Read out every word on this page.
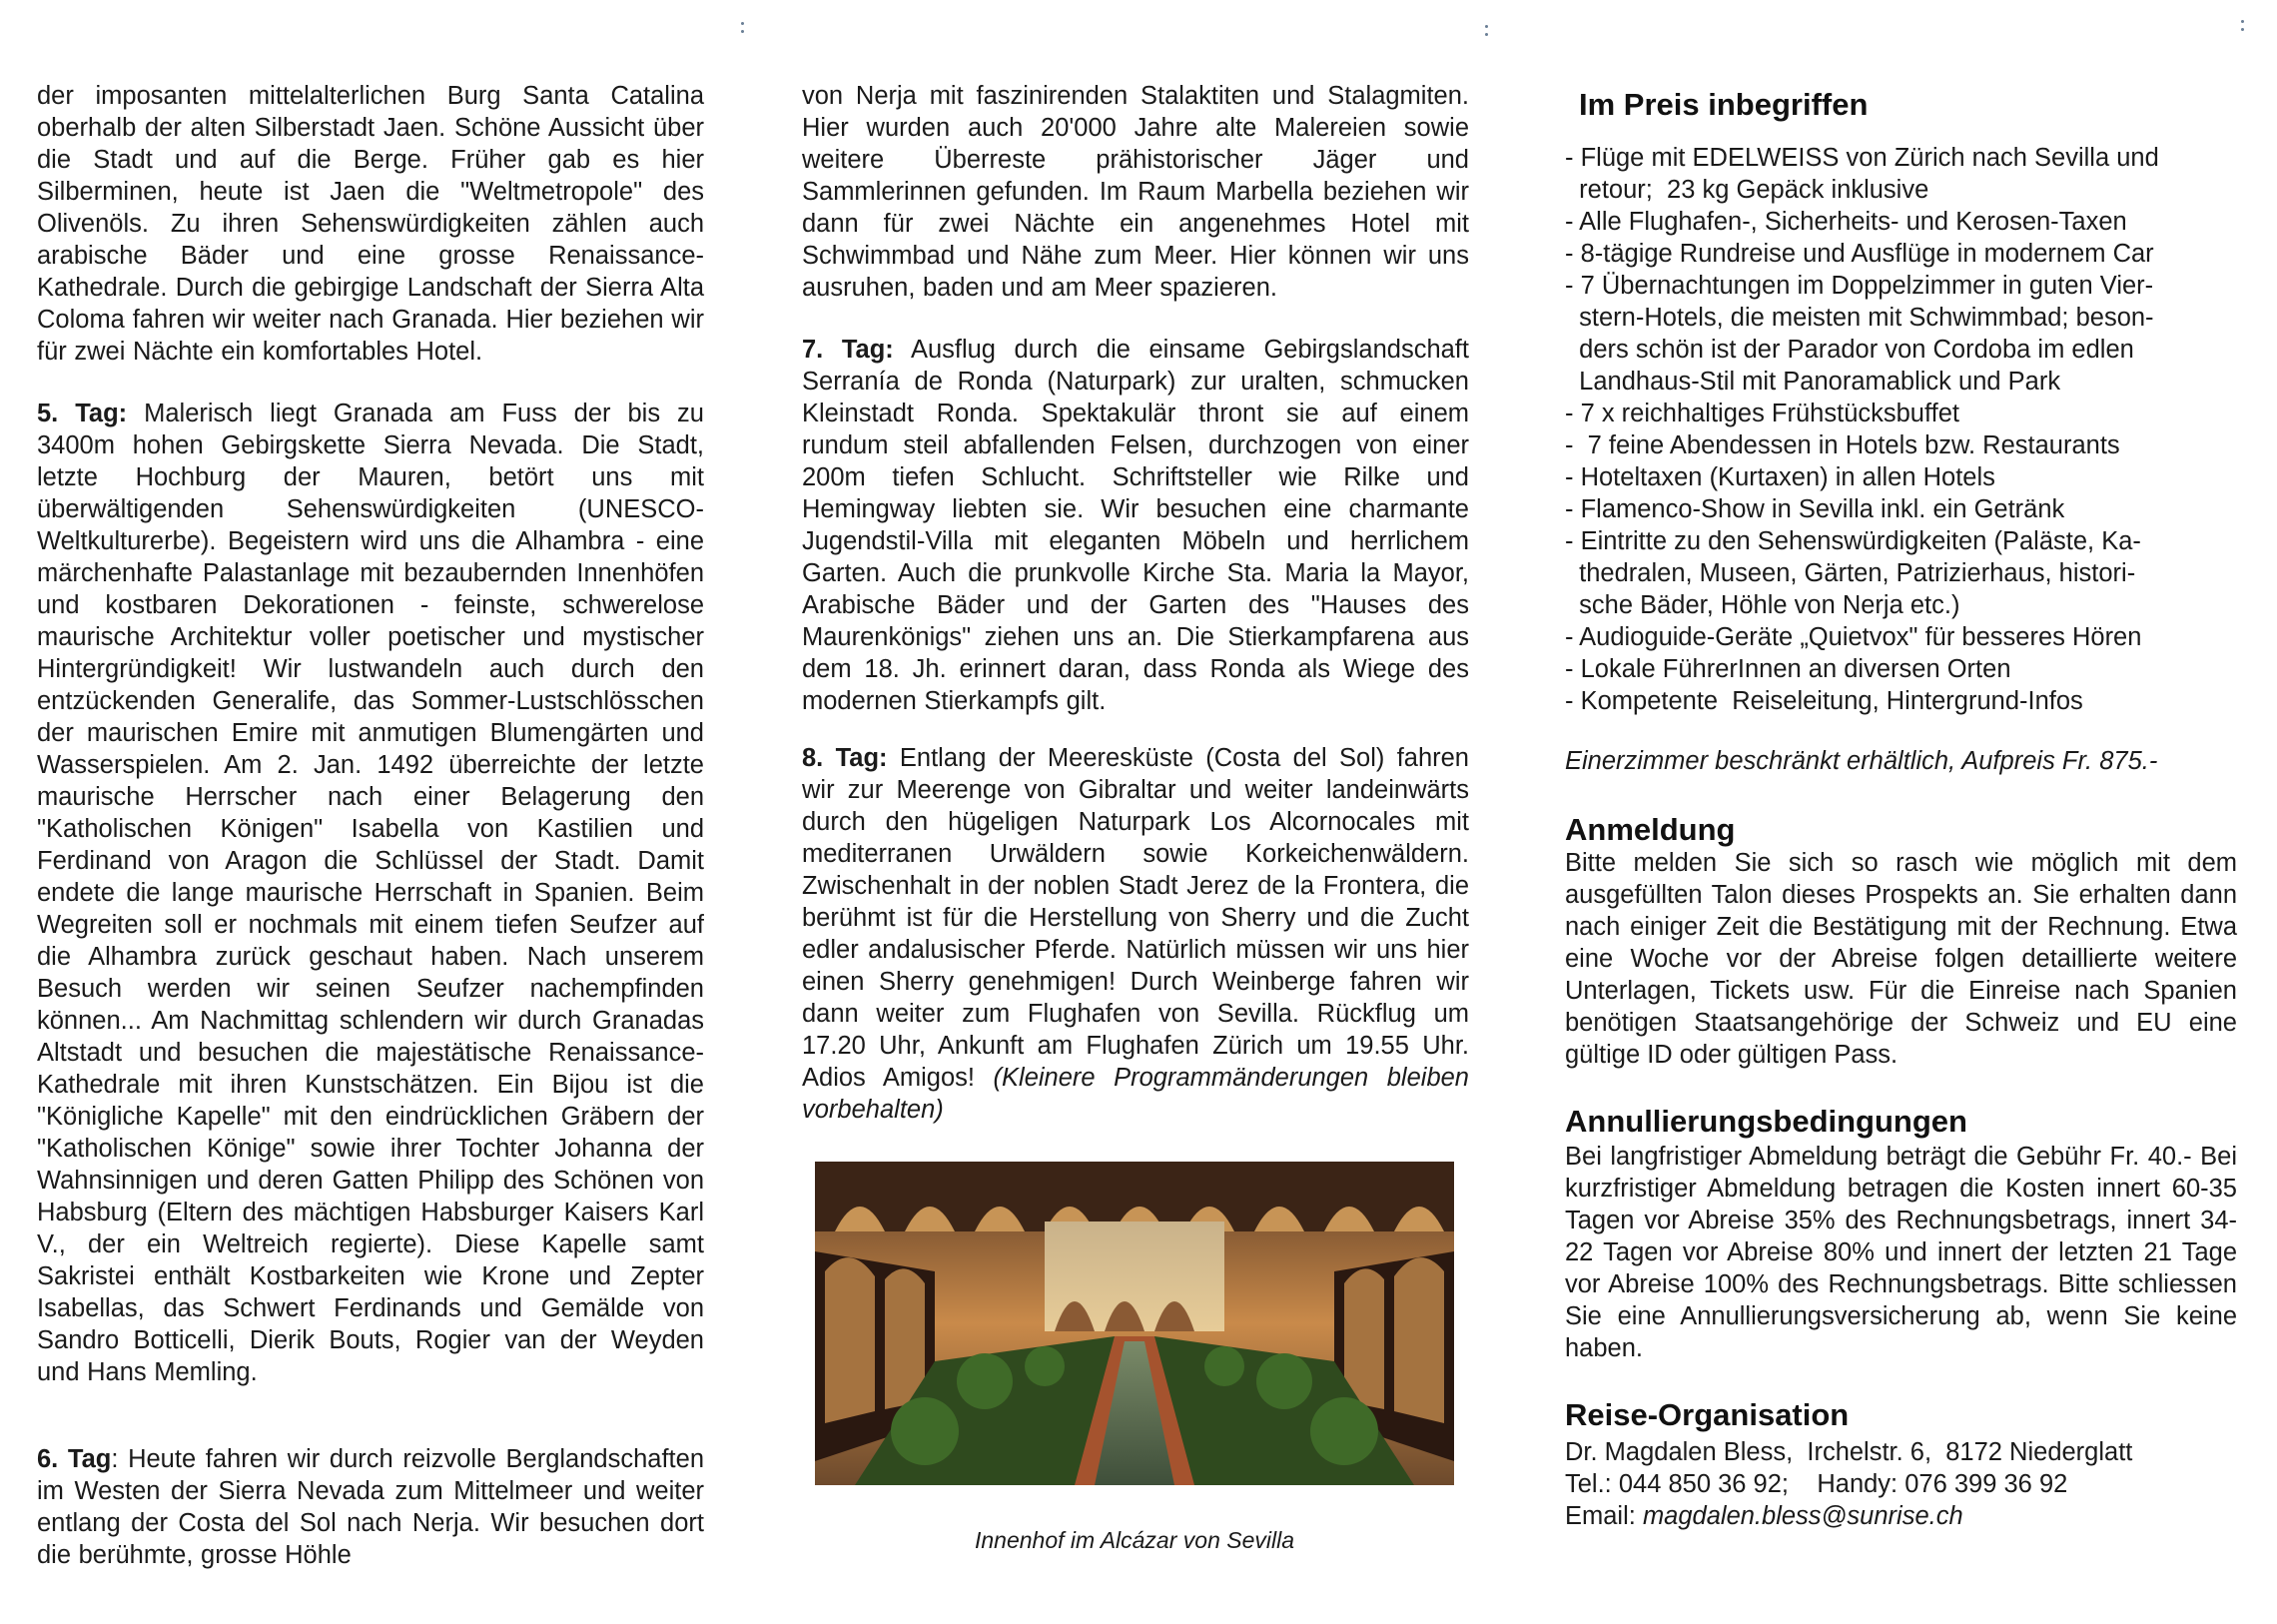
der imposanten mittelalterlichen Burg Santa Catalina oberhalb der alten Silberstadt Jaen. Schöne Aussicht über die Stadt und auf die Berge. Früher gab es hier Silberminen, heute ist Jaen die "Weltmetropole" des Olivenöls. Zu ihren Sehenswürdigkeiten zählen auch arabische Bäder und eine grosse Renaissance-Kathedrale. Durch die gebirgige Landschaft der Sierra Alta Coloma fahren wir weiter nach Granada. Hier beziehen wir für zwei Nächte ein komfortables Hotel.

5. Tag: Malerisch liegt Granada am Fuss der bis zu 3400m hohen Gebirgskette Sierra Nevada. Die Stadt, letzte Hochburg der Mauren, betört uns mit überwältigenden Sehenswürdigkeiten (UNESCO-Weltkulturerbe). Begeistern wird uns die Alhambra - eine märchenhafte Palastanlage mit bezaubernden Innenhöfen und kostbaren Dekorationen - feinste, schwerelose maurische Architektur voller poetischer und mystischer Hintergründigkeit! Wir lustwandeln auch durch den entzückenden Generalife, das Sommer-Lustschlösschen der maurischen Emire mit anmutigen Blumengärten und Wasserspielen. Am 2. Jan. 1492 überreichte der letzte maurische Herrscher nach einer Belagerung den "Katholischen Königen" Isabella von Kastilien und Ferdinand von Aragon die Schlüssel der Stadt. Damit endete die lange maurische Herrschaft in Spanien. Beim Wegreiten soll er nochmals mit einem tiefen Seufzer auf die Alhambra zurück geschaut haben. Nach unserem Besuch werden wir seinen Seufzer nachempfinden können... Am Nachmittag schlendern wir durch Granadas Altstadt und besuchen die majestätische Renaissance-Kathedrale mit ihren Kunstschätzen. Ein Bijou ist die "Königliche Kapelle" mit den eindrücklichen Gräbern der "Katholischen Könige" sowie ihrer Tochter Johanna der Wahnsinnigen und deren Gatten Philipp des Schönen von Habsburg (Eltern des mächtigen Habsburger Kaisers Karl V., der ein Weltreich regierte). Diese Kapelle samt Sakristei enthält Kostbarkeiten wie Krone und Zepter Isabellas, das Schwert Ferdinands und Gemälde von Sandro Botticelli, Dierik Bouts, Rogier van der Weyden und Hans Memling.

6. Tag: Heute fahren wir durch reizvolle Berglandschaften im Westen der Sierra Nevada zum Mittelmeer und weiter entlang der Costa del Sol nach Nerja. Wir besuchen dort die berühmte, grosse Höhle

von Nerja mit faszinirenden Stalaktiten und Stalagmiten. Hier wurden auch 20'000 Jahre alte Malereien sowie weitere Überreste prähistorischer Jäger und Sammlerinnen gefunden. Im Raum Marbella beziehen wir dann für zwei Nächte ein angenehmes Hotel mit Schwimmbad und Nähe zum Meer. Hier können wir uns ausruhen, baden und am Meer spazieren.

7. Tag: Ausflug durch die einsame Gebirgslandschaft Serranía de Ronda (Naturpark) zur uralten, schmucken Kleinstadt Ronda. Spektakulär thront sie auf einem rundum steil abfallenden Felsen, durchzogen von einer 200m tiefen Schlucht. Schriftsteller wie Rilke und Hemingway liebten sie. Wir besuchen eine charmante Jugendstil-Villa mit eleganten Möbeln und herrlichem Garten. Auch die prunkvolle Kirche Sta. Maria la Mayor, Arabische Bäder und der Garten des "Hauses des Maurenkönigs" ziehen uns an. Die Stierkampfarena aus dem 18. Jh. erinnert daran, dass Ronda als Wiege des modernen Stierkampfs gilt.

8. Tag: Entlang der Meeresküste (Costa del Sol) fahren wir zur Meerenge von Gibraltar und weiter landeinwärts durch den hügeligen Naturpark Los Alcornocales mit mediterranen Urwäldern sowie Korkeichenwäldern. Zwischenhalt in der noblen Stadt Jerez de la Frontera, die berühmt ist für die Herstellung von Sherry und die Zucht edler andalusischer Pferde. Natürlich müssen wir uns hier einen Sherry genehmigen! Durch Weinberge fahren wir dann weiter zum Flughafen von Sevilla. Rückflug um 17.20 Uhr, Ankunft am Flughafen Zürich um 19.55 Uhr. Adios Amigos! (Kleinere Programmänderungen bleiben vorbehalten)

Innenhof im Alcázar von Sevilla

Im Preis inbegriffen
- Flüge mit EDELWEISS von Zürich nach Sevilla und
retour;  23 kg Gepäck inklusive
- Alle Flughafen-, Sicherheits- und Kerosen-Taxen
- 8-tägige Rundreise und Ausflüge in modernem Car
- 7 Übernachtungen im Doppelzimmer in guten Vier-
stern-Hotels, die meisten mit Schwimmbad; beson-
ders schön ist der Parador von Cordoba im edlen
Landhaus-Stil mit Panoramablick und Park
- 7 x reichhaltiges Frühstücksbuffet
-  7 feine Abendessen in Hotels bzw. Restaurants
- Hoteltaxen (Kurtaxen) in allen Hotels
- Flamenco-Show in Sevilla inkl. ein Getränk
- Eintritte zu den Sehenswürdigkeiten (Paläste, Ka-
thedralen, Museen, Gärten, Patrizierhaus, histori-
sche Bäder, Höhle von Nerja etc.)
- Audioguide-Geräte „Quietvox" für besseres Hören
- Lokale FührerInnen an diversen Orten
- Kompetente  Reiseleitung, Hintergrund-Infos

Einerzimmer beschränkt erhältlich, Aufpreis Fr. 875.-

Anmeldung

Bitte melden Sie sich so rasch wie möglich mit dem ausgefüllten Talon dieses Prospekts an. Sie erhalten dann nach einiger Zeit die Bestätigung mit der Rechnung. Etwa eine Woche vor der Abreise folgen detaillierte weitere Unterlagen, Tickets usw. Für die Einreise nach Spanien benötigen Staatsangehörige der Schweiz und EU eine gültige ID oder gültigen Pass.

Annullierungsbedingungen

Bei langfristiger Abmeldung beträgt die Gebühr Fr. 40.- Bei kurzfristiger Abmeldung betragen die Kosten innert 60-35 Tagen vor Abreise 35% des Rechnungsbetrags, innert 34-22 Tagen vor Abreise 80% und innert der letzten 21 Tage vor Abreise 100% des Rechnungsbetrags. Bitte schliessen Sie eine Annullierungsversicherung ab, wenn Sie keine haben.

Reise-Organisation

Dr. Magdalen Bless,  Irchelstr. 6,  8172 Niederglatt

Tel.: 044 850 36 92;    Handy: 076 399 36 92

Email: magdalen.bless@sunrise.ch
